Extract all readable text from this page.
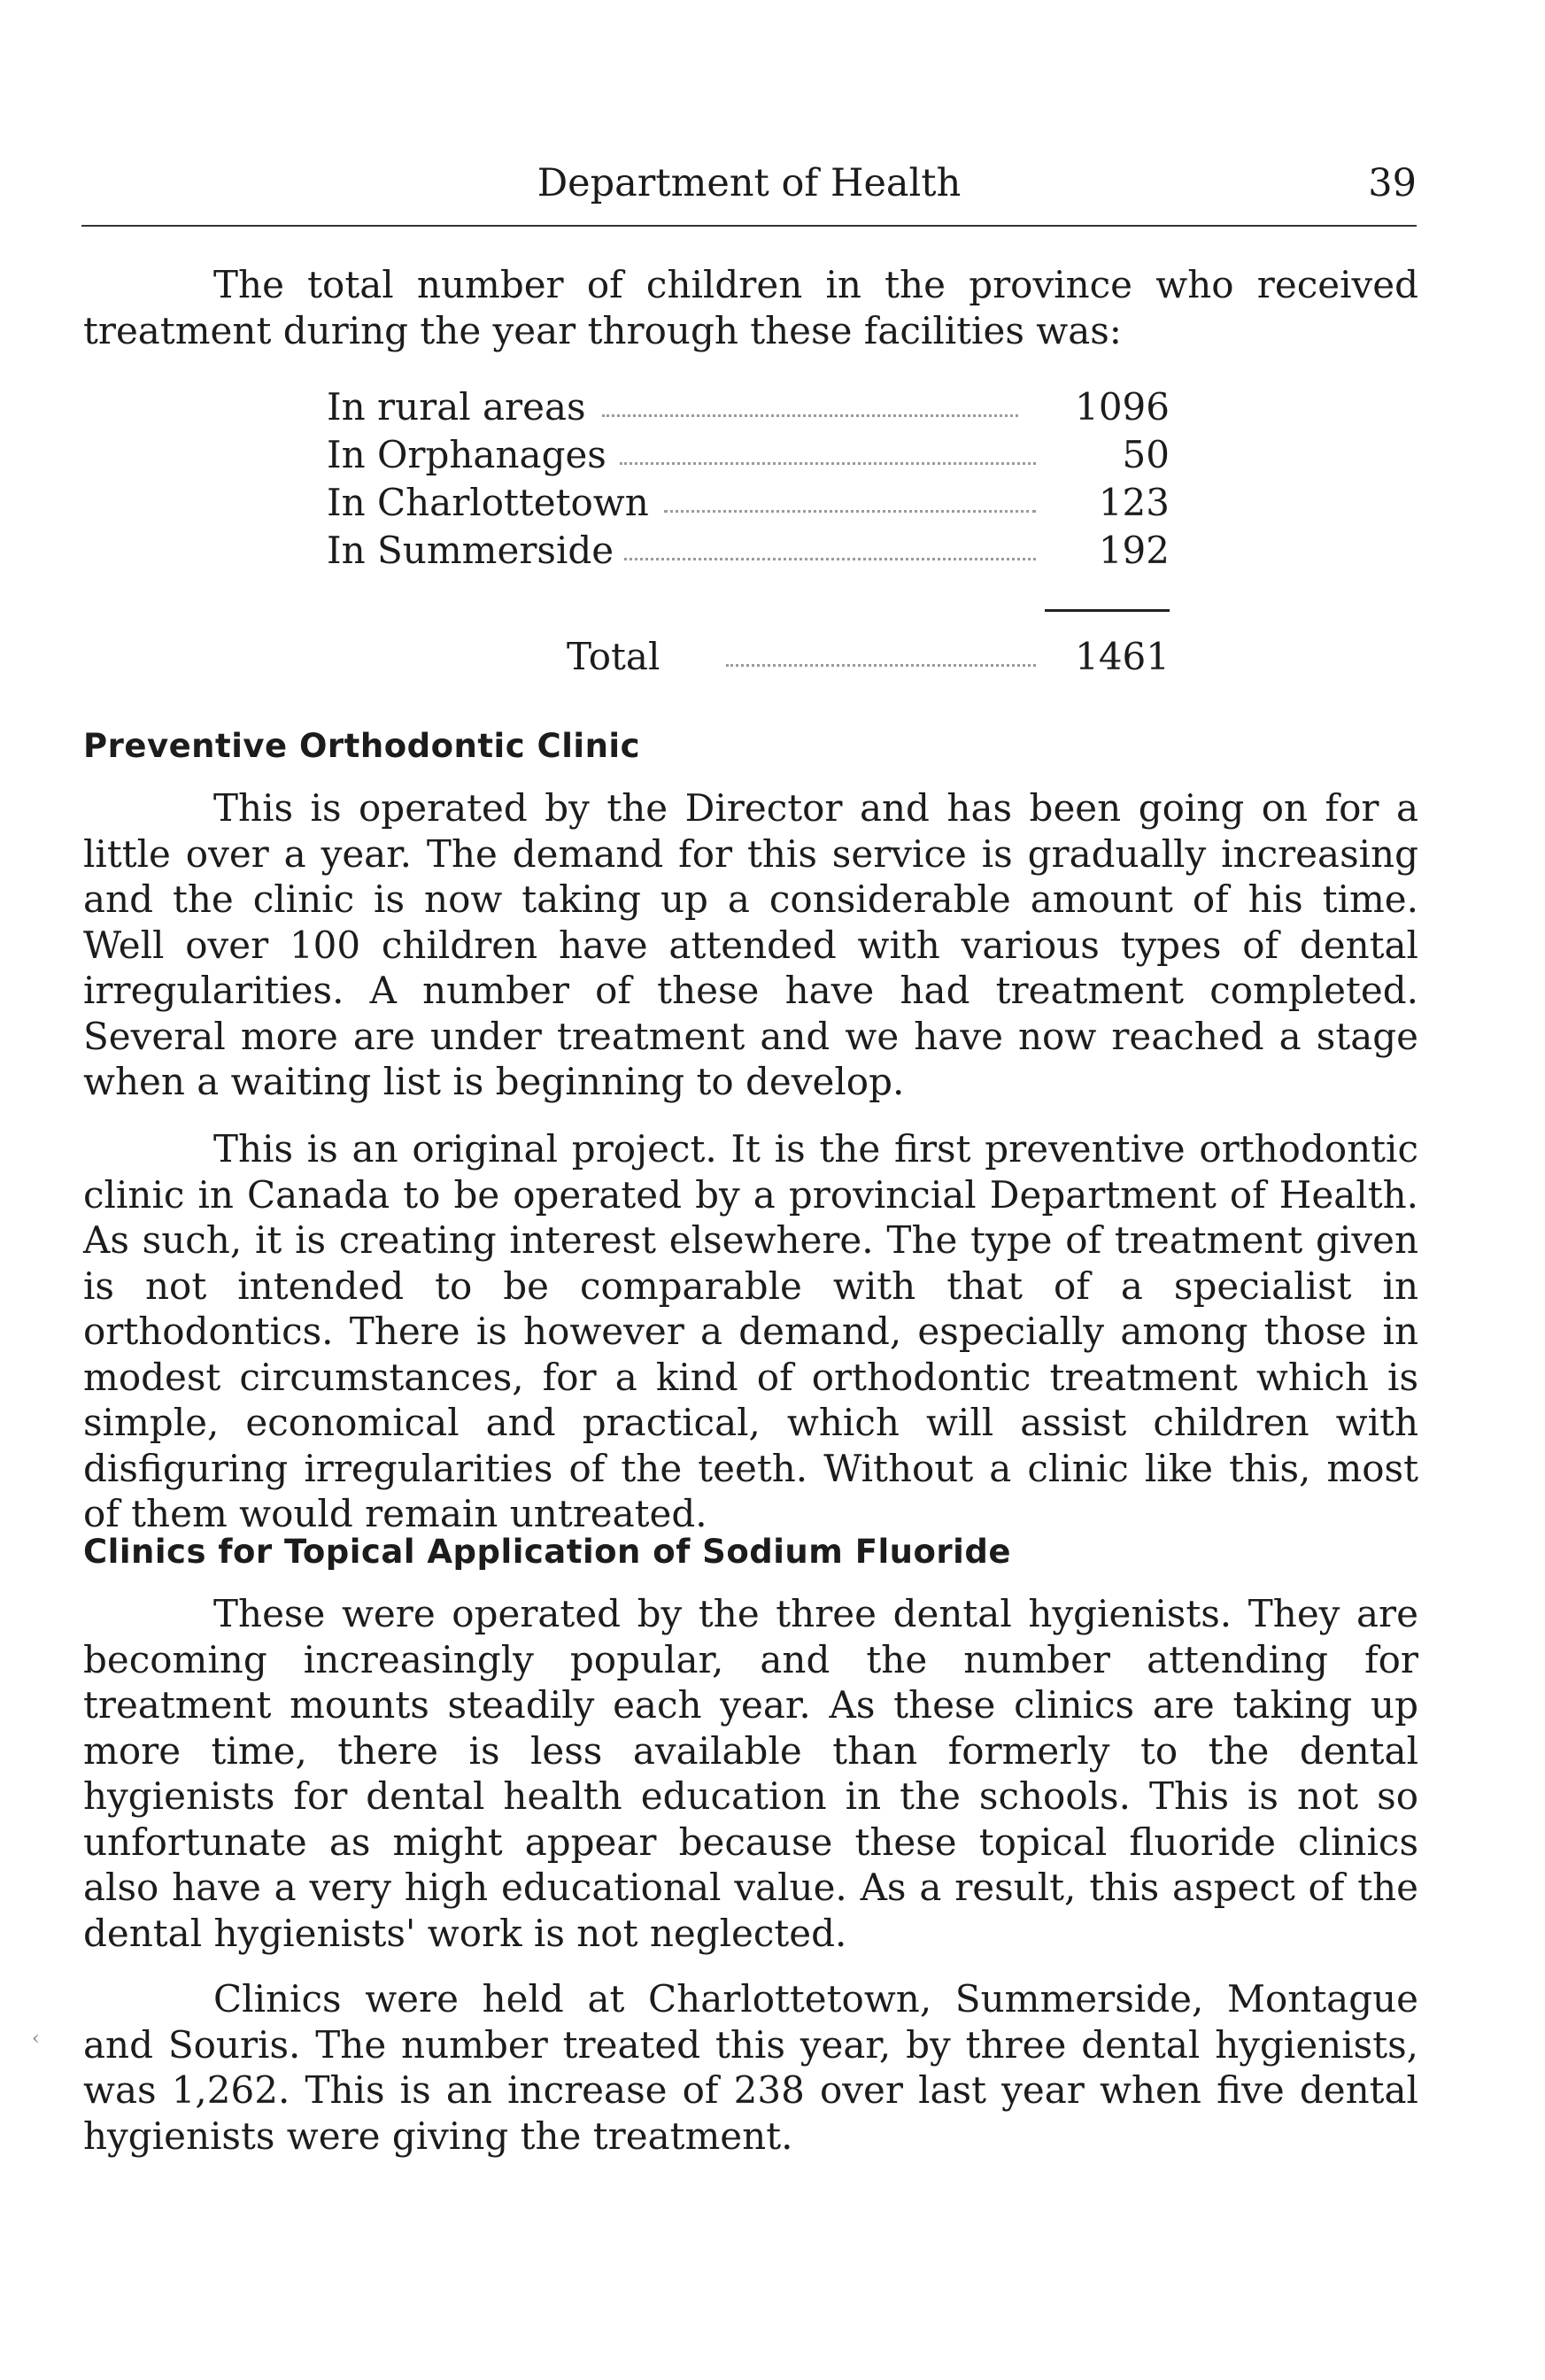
Department of Health	39

The total number of children in the province who received treatment during the year through these facilities was:

In rural areas	1096
In Orphanages	50
In Charlottetown	123
In Summerside	192
Total	1461
Preventive Orthodontic Clinic

This is operated by the Director and has been going on for a little over a year. The demand for this service is gradually increasing and the clinic is now taking up a considerable amount of his time. Well over 100 children have attended with various types of dental irregularities. A number of these have had treatment completed. Several more are under treatment and we have now reached a stage when a waiting list is beginning to develop.

This is an original project. It is the first preventive orthodontic clinic in Canada to be operated by a provincial Department of Health. As such, it is creating interest elsewhere. The type of treatment given is not intended to be comparable with that of a specialist in orthodontics. There is however a demand, especially among those in modest circumstances, for a kind of orthodontic treatment which is simple, economical and practical, which will assist children with disfiguring irregularities of the teeth. Without a clinic like this, most of them would remain untreated.

Clinics for Topical Application of Sodium Fluoride

These were operated by the three dental hygienists. They are becoming increasingly popular, and the number attending for treatment mounts steadily each year. As these clinics are taking up more time, there is less available than formerly to the dental hygienists for dental health education in the schools. This is not so unfortunate as might appear because these topical fluoride clinics also have a very high educational value. As a result, this aspect of the dental hygienists' work is not neglected.

Clinics were held at Charlottetown, Summerside, Montague and Souris. The number treated this year, by three dental hygienists, was 1,262. This is an increase of 238 over last year when five dental hygienists were giving the treatment.

‹
